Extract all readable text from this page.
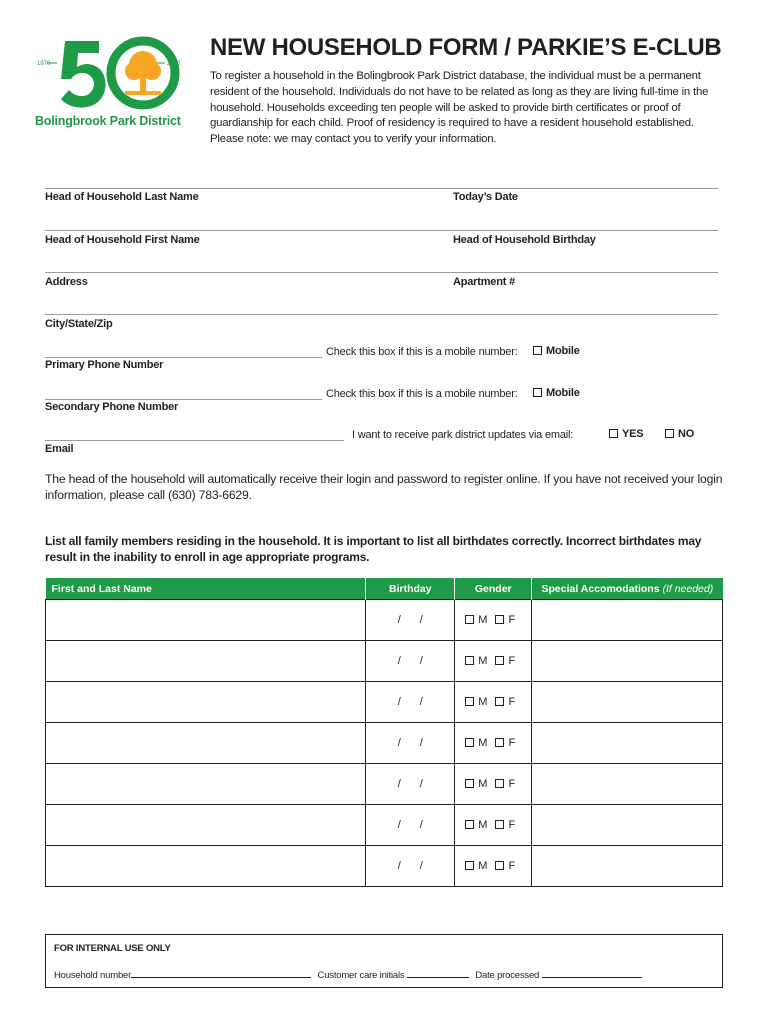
1970	2020
Bolingbrook Park District
NEW HOUSEHOLD FORM / PARKIE’S E-CLUB
To register a household in the Bolingbrook Park District database, the individual must be a permanent resident of the household. Individuals do not have to be related as long as they are living full-time in the household. Households exceeding ten people will be asked to provide birth certificates or proof of guardianship for each child. Proof of residency is required to have a resident household established. Please note: we may contact you to verify your information.
Head of Household Last Name	Today’s Date
Head of Household First Name	Head of Household Birthday
Address	Apartment #
City/State/Zip
Check this box if this is a mobile number:	Mobile
Primary Phone Number
Check this box if this is a mobile number:	Mobile
Secondary Phone Number
I want to receive park district updates via email:	YES	NO
Email
The head of the household will automatically receive their login and password to register online. If you have not received your login information, please call (630) 783-6629.
List all family members residing in the household. It is important to list all birthdates correctly. Incorrect birthdates may result in the inability to enroll in age appropriate programs.
First and Last Name	Birthday	Gender	Special Accomodations (If needed)
	/ /	M F	
	/ /	M F	
	/ /	M F	
	/ /	M F	
	/ /	M F	
	/ /	M F	
	/ /	M F	
FOR INTERNAL USE ONLY
Household number	Customer care initials	Date processed
